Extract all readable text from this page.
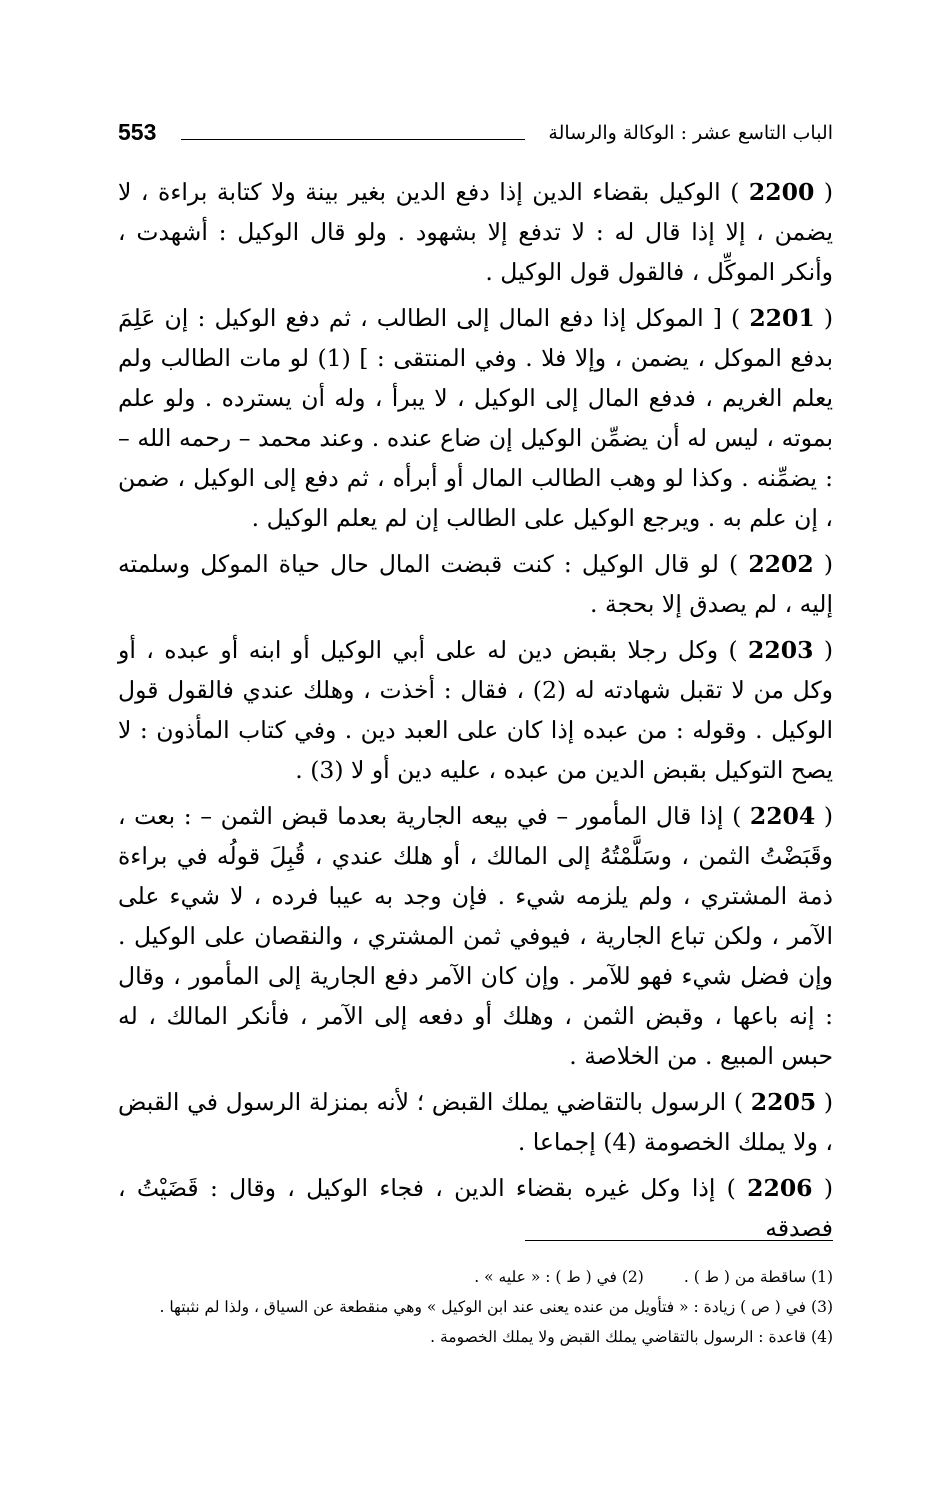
الباب التاسع عشر : الوكالة والرسالة
553

( 2200 ) الوكيل بقضاء الدين إذا دفع الدين بغير بينة ولا كتابة براءة ، لا يضمن ، إلا إذا قال له : لا تدفع إلا بشهود . ولو قال الوكيل : أشهدت ، وأنكر الموكِّل ، فالقول قول الوكيل .

( 2201 ) [ الموكل إذا دفع المال إلى الطالب ، ثم دفع الوكيل : إن عَلِمَ بدفع الموكل ، يضمن ، وإلا فلا . وفي المنتقى : ] (1) لو مات الطالب ولم يعلم الغريم ، فدفع المال إلى الوكيل ، لا يبرأ ، وله أن يسترده . ولو علم بموته ، ليس له أن يضمِّن الوكيل إن ضاع عنده . وعند محمد – رحمه الله – : يضمِّنه . وكذا لو وهب الطالب المال أو أبرأه ، ثم دفع إلى الوكيل ، ضمن ، إن علم به . ويرجع الوكيل على الطالب إن لم يعلم الوكيل .

( 2202 ) لو قال الوكيل : كنت قبضت المال حال حياة الموكل وسلمته إليه ، لم يصدق إلا بحجة .

( 2203 ) وكل رجلا بقبض دين له على أبي الوكيل أو ابنه أو عبده ، أو وكل من لا تقبل شهادته له (2) ، فقال : أخذت ، وهلك عندي فالقول قول الوكيل . وقوله : من عبده إذا كان على العبد دين . وفي كتاب المأذون : لا يصح التوكيل بقبض الدين من عبده ، عليه دين أو لا (3) .

( 2204 ) إذا قال المأمور – في بيعه الجارية بعدما قبض الثمن – : بعت ، وقَبَضْتُ الثمن ، وسَلَّمْتُهُ إلى المالك ، أو هلك عندي ، قُبِلَ قولُه في براءة ذمة المشتري ، ولم يلزمه شيء . فإن وجد به عيبا فرده ، لا شيء على الآمر ، ولكن تباع الجارية ، فيوفي ثمن المشتري ، والنقصان على الوكيل . وإن فضل شيء فهو للآمر . وإن كان الآمر دفع الجارية إلى المأمور ، وقال : إنه باعها ، وقبض الثمن ، وهلك أو دفعه إلى الآمر ، فأنكر المالك ، له حبس المبيع . من الخلاصة .

( 2205 ) الرسول بالتقاضي يملك القبض ؛ لأنه بمنزلة الرسول في القبض ، ولا يملك الخصومة (4) إجماعا .

( 2206 ) إذا وكل غيره بقضاء الدين ، فجاء الوكيل ، وقال : قَضَيْتُ ، فصدقه

(1) ساقطة من ( ط ) .
(2) في ( ط ) : « عليه » .
(3) في ( ص ) زيادة : « فتأويل من عنده يعنى عند ابن الوكيل » وهي منقطعة عن السياق ، ولذا لم نثبتها .
(4) قاعدة : الرسول بالتقاضي يملك القبض ولا يملك الخصومة .
